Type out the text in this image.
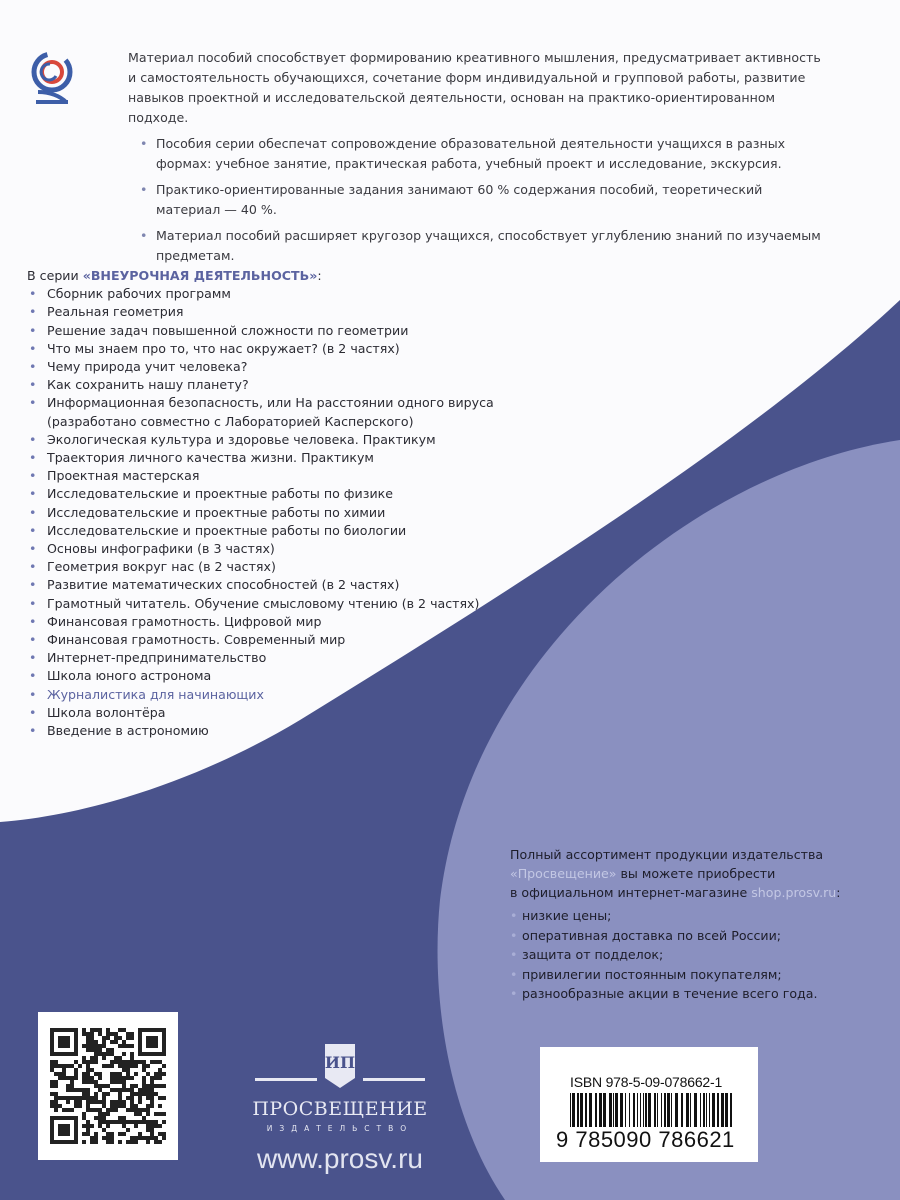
Материал пособий способствует формированию креативного мышления, предусматривает активность и самостоятельность обучающихся, сочетание форм индивидуальной и групповой работы, развитие навыков проектной и исследовательской деятельности, основан на практико-ориентированном подходе.

• Пособия серии обеспечат сопровождение образовательной деятельности учащихся в разных формах: учебное занятие, практическая работа, учебный проект и исследование, экскурсия.
• Практико-ориентированные задания занимают 60 % содержания пособий, теоретический материал — 40 %.
• Материал пособий расширяет кругозор учащихся, способствует углублению знаний по изучаемым предметам.
В серии «ВНЕУРОЧНАЯ ДЕЯТЕЛЬНОСТЬ»:
• Сборник рабочих программ
• Реальная геометрия
• Решение задач повышенной сложности по геометрии
• Что мы знаем про то, что нас окружает? (в 2 частях)
• Чему природа учит человека?
• Как сохранить нашу планету?
• Информационная безопасность, или На расстоянии одного вируса
(разработано совместно с Лабораторией Касперского)
• Экологическая культура и здоровье человека. Практикум
• Траектория личного качества жизни. Практикум
• Проектная мастерская
• Исследовательские и проектные работы по физике
• Исследовательские и проектные работы по химии
• Исследовательские и проектные работы по биологии
• Основы инфографики (в 3 частях)
• Геометрия вокруг нас (в 2 частях)
• Развитие математических способностей (в 2 частях)
• Грамотный читатель. Обучение смысловому чтению (в 2 частях)
• Финансовая грамотность. Цифровой мир
• Финансовая грамотность. Современный мир
• Интернет-предпринимательство
• Школа юного астронома
• Журналистика для начинающих
• Школа волонтёра
• Введение в астрономию
Полный ассортимент продукции издательства
«Просвещение» вы можете приобрести
в официальном интернет-магазине shop.prosv.ru:
• низкие цены;
• оперативная доставка по всей России;
• защита от подделок;
• привилегии постоянным покупателям;
• разнообразные акции в течение всего года.
ИП
ПРОСВЕЩЕНИЕ
ИЗДАТЕЛЬСТВО
www.prosv.ru
ISBN 978-5-09-078662-1
9 785090 786621
